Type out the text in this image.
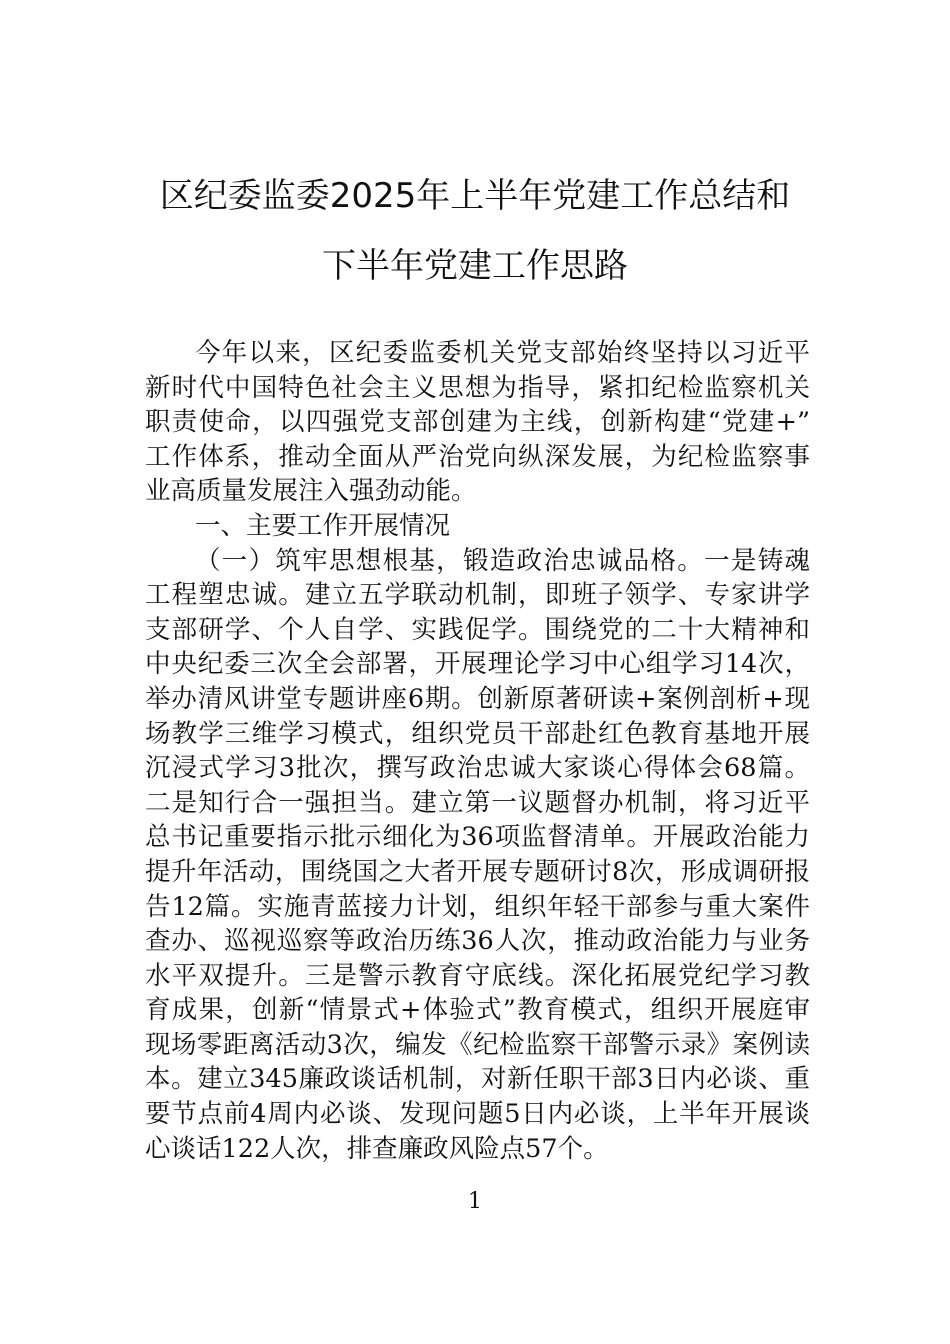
区纪委监委2025年上半年党建工作总结和
下半年党建工作思路
今年以来，区纪委监委机关党支部始终坚持以习近平
新时代中国特色社会主义思想为指导，紧扣纪检监察机关
职责使命，以四强党支部创建为主线，创新构建“党建+”
工作体系，推动全面从严治党向纵深发展，为纪检监察事
业高质量发展注入强劲动能。
一、主要工作开展情况
（一）筑牢思想根基，锻造政治忠诚品格。一是铸魂
工程塑忠诚。建立五学联动机制，即班子领学、专家讲学
支部研学、个人自学、实践促学。围绕党的二十大精神和
中央纪委三次全会部署，开展理论学习中心组学习14次，
举办清风讲堂专题讲座6期。创新原著研读+案例剖析+现
场教学三维学习模式，组织党员干部赴红色教育基地开展
沉浸式学习3批次，撰写政治忠诚大家谈心得体会68篇。
二是知行合一强担当。建立第一议题督办机制，将习近平
总书记重要指示批示细化为36项监督清单。开展政治能力
提升年活动，围绕国之大者开展专题研讨8次，形成调研报
告12篇。实施青蓝接力计划，组织年轻干部参与重大案件
查办、巡视巡察等政治历练36人次，推动政治能力与业务
水平双提升。三是警示教育守底线。深化拓展党纪学习教
育成果，创新“情景式+体验式”教育模式，组织开展庭审
现场零距离活动3次，编发《纪检监察干部警示录》案例读
本。建立345廉政谈话机制，对新任职干部3日内必谈、重
要节点前4周内必谈、发现问题5日内必谈，上半年开展谈
心谈话122人次，排查廉政风险点57个。
1
